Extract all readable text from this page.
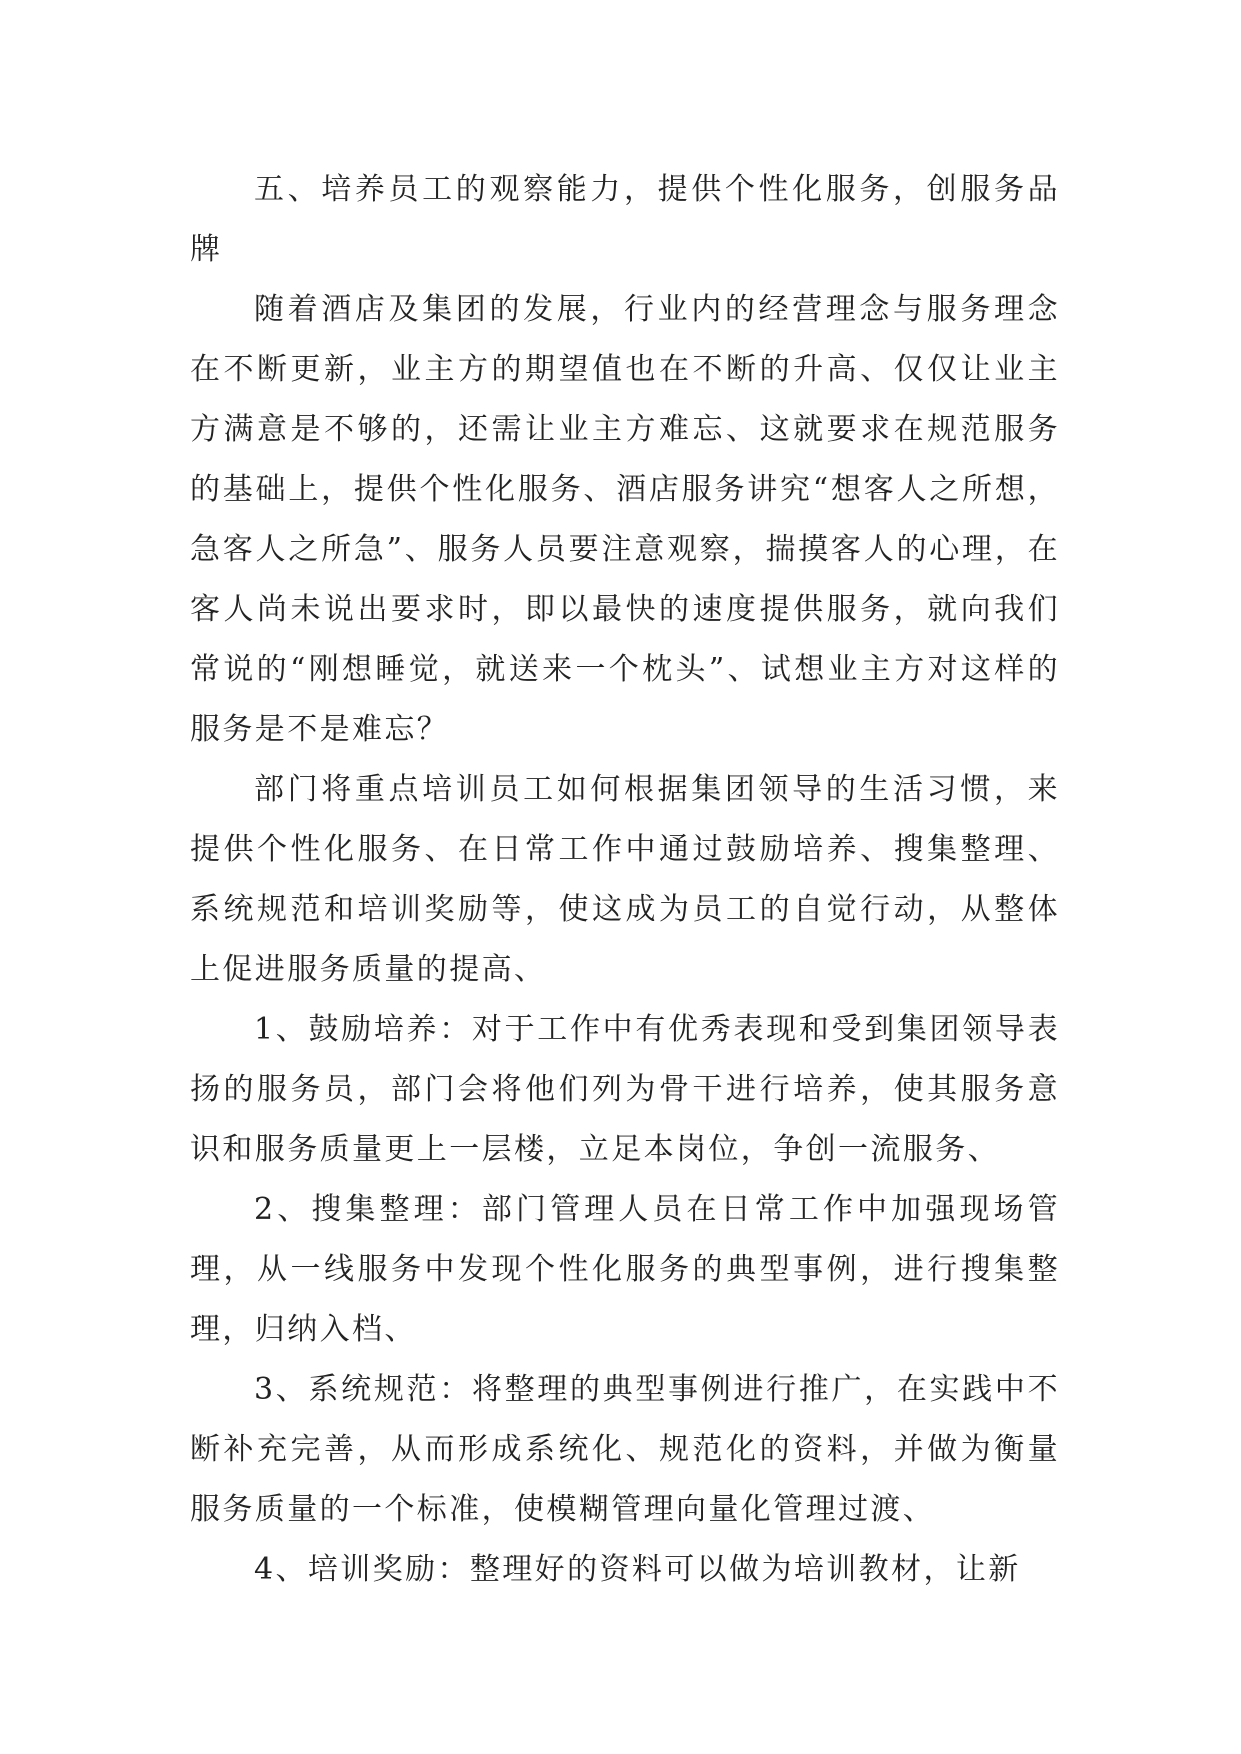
五、培养员工的观察能力，提供个性化服务，创服务品牌

随着酒店及集团的发展，行业内的经营理念与服务理念在不断更新，业主方的期望值也在不断的升高、仅仅让业主方满意是不够的，还需让业主方难忘、这就要求在规范服务的基础上，提供个性化服务、酒店服务讲究“想客人之所想，急客人之所急”、服务人员要注意观察，揣摸客人的心理，在客人尚未说出要求时，即以最快的速度提供服务，就向我们常说的“刚想睡觉，就送来一个枕头”、试想业主方对这样的服务是不是难忘？

部门将重点培训员工如何根据集团领导的生活习惯，来提供个性化服务、在日常工作中通过鼓励培养、搜集整理、系统规范和培训奖励等，使这成为员工的自觉行动，从整体上促进服务质量的提高、

1、鼓励培养：对于工作中有优秀表现和受到集团领导表扬的服务员，部门会将他们列为骨干进行培养，使其服务意识和服务质量更上一层楼，立足本岗位，争创一流服务、

2、搜集整理：部门管理人员在日常工作中加强现场管理，从一线服务中发现个性化服务的典型事例，进行搜集整理，归纳入档、

3、系统规范：将整理的典型事例进行推广，在实践中不断补充完善，从而形成系统化、规范化的资料，并做为衡量服务质量的一个标准，使模糊管理向量化管理过渡、

4、培训奖励：整理好的资料可以做为培训教材，让新
